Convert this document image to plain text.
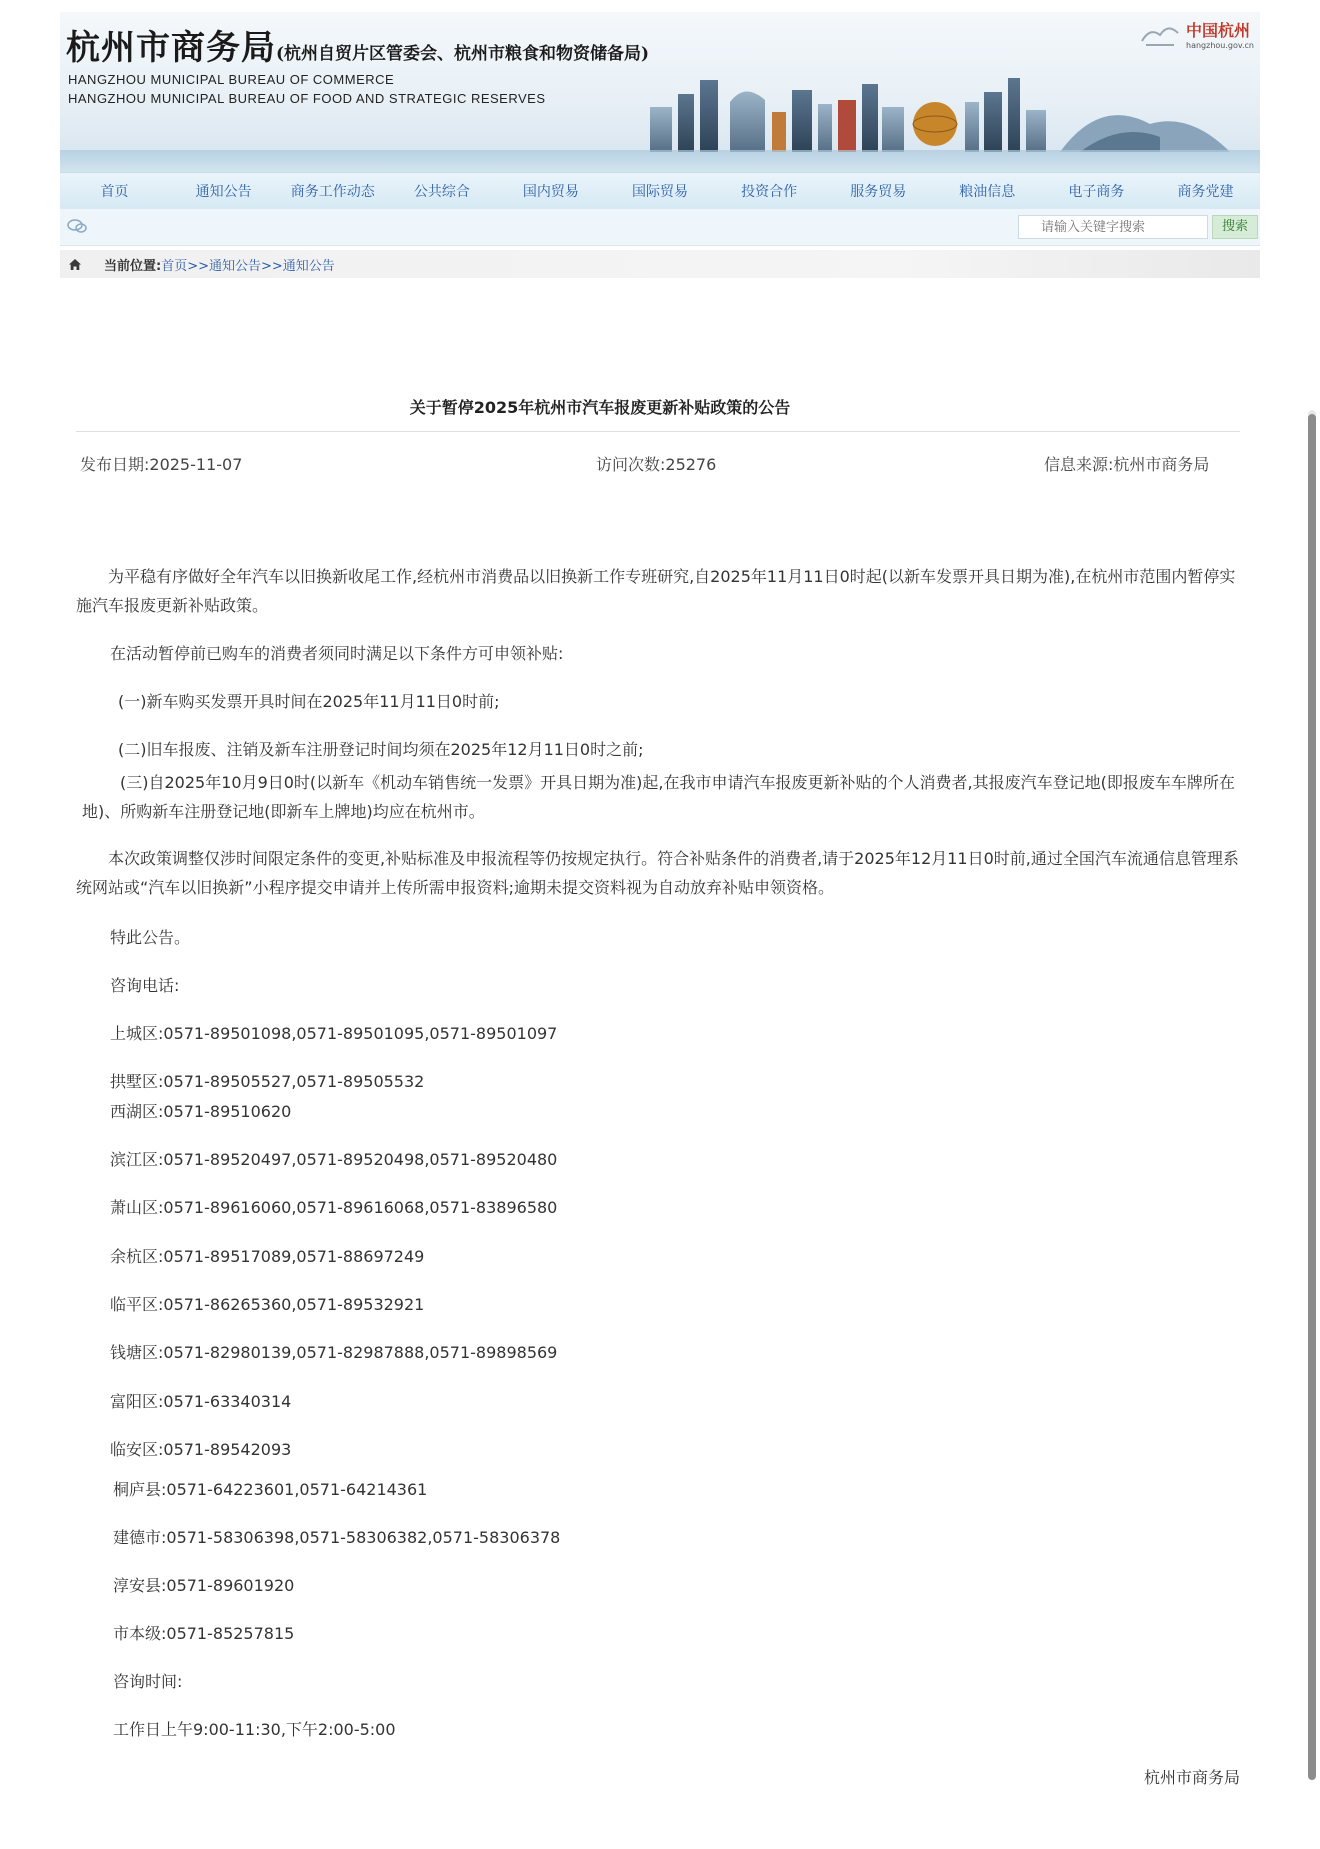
杭州市商务局(杭州自贸片区管委会、杭州市粮食和物资储备局)
HANGZHOU MUNICIPAL BUREAU OF COMMERCE
HANGZHOU MUNICIPAL BUREAU OF FOOD AND STRATEGIC RESERVES
中国杭州
hangzhou.gov.cn
首页	通知公告	商务工作动态	公共综合	国内贸易	国际贸易	投资合作	服务贸易	粮油信息	电子商务	商务党建
请输入关键字搜索
搜索
当前位置: 首页>>通知公告>>通知公告
关于暂停2025年杭州市汽车报废更新补贴政策的公告
发布日期:2025-11-07	访问次数:25276	信息来源:杭州市商务局

为平稳有序做好全年汽车以旧换新收尾工作,经杭州市消费品以旧换新工作专班研究,自2025年11月11日0时起(以新车发票开具日期为准),在杭州市范围内暂停实施汽车报废更新补贴政策。

在活动暂停前已购车的消费者须同时满足以下条件方可申领补贴:
(一)新车购买发票开具时间在2025年11月11日0时前;
(二)旧车报废、注销及新车注册登记时间均须在2025年12月11日0时之前;

(三)自2025年10月9日0时(以新车《机动车销售统一发票》开具日期为准)起,在我市申请汽车报废更新补贴的个人消费者,其报废汽车登记地(即报废车车牌所在地)、所购新车注册登记地(即新车上牌地)均应在杭州市。

本次政策调整仅涉时间限定条件的变更,补贴标准及申报流程等仍按规定执行。符合补贴条件的消费者,请于2025年12月11日0时前,通过全国汽车流通信息管理系统网站或“汽车以旧换新”小程序提交申请并上传所需申报资料;逾期未提交资料视为自动放弃补贴申领资格。

特此公告。
咨询电话:
上城区:0571-89501098,0571-89501095,0571-89501097
拱墅区:0571-89505527,0571-89505532
西湖区:0571-89510620
滨江区:0571-89520497,0571-89520498,0571-89520480
萧山区:0571-89616060,0571-89616068,0571-83896580
余杭区:0571-89517089,0571-88697249
临平区:0571-86265360,0571-89532921
钱塘区:0571-82980139,0571-82987888,0571-89898569
富阳区:0571-63340314
临安区:0571-89542093
桐庐县:0571-64223601,0571-64214361
建德市:0571-58306398,0571-58306382,0571-58306378
淳安县:0571-89601920
市本级:0571-85257815
咨询时间:
工作日上午9:00-11:30,下午2:00-5:00
杭州市商务局
